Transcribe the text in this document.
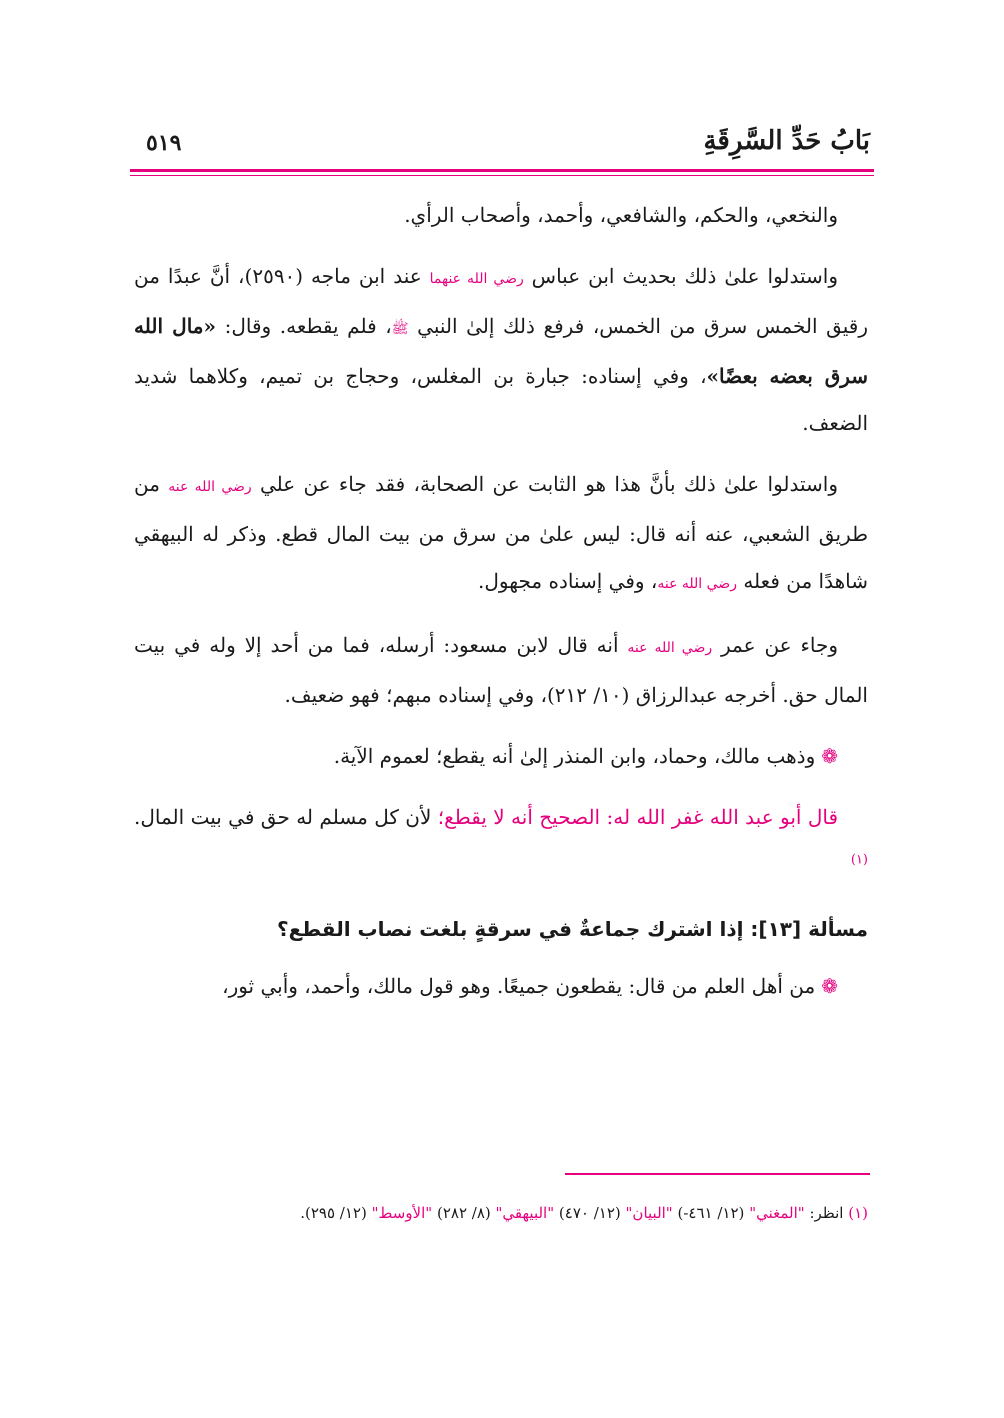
بَابُ حَدِّ السَّرِقَةِ
٥١٩

والنخعي، والحكم، والشافعي، وأحمد، وأصحاب الرأي.

واستدلوا علىٰ ذلك بحديث ابن عباس رضي الله عنهما عند ابن ماجه (٢٥٩٠)، أنَّ عبدًا من رقيق الخمس سرق من الخمس، فرفع ذلك إلىٰ النبي ﷺ، فلم يقطعه. وقال: «مال الله سرق بعضه بعضًا»، وفي إسناده: جبارة بن المغلس، وحجاج بن تميم، وكلاهما شديد الضعف.

واستدلوا علىٰ ذلك بأنَّ هذا هو الثابت عن الصحابة، فقد جاء عن علي رضي الله عنه من طريق الشعبي، عنه أنه قال: ليس علىٰ من سرق من بيت المال قطع. وذكر له البيهقي شاهدًا من فعله رضي الله عنه، وفي إسناده مجهول.

وجاء عن عمر رضي الله عنه أنه قال لابن مسعود: أرسله، فما من أحد إلا وله في بيت المال حق. أخرجه عبدالرزاق (١٠/ ٢١٢)، وفي إسناده مبهم؛ فهو ضعيف.

❁وذهب مالك، وحماد، وابن المنذر إلىٰ أنه يقطع؛ لعموم الآية.

قال أبو عبد الله غفر الله له: الصحيح أنه لا يقطع؛ لأن كل مسلم له حق في بيت المال.$^{(١)}$

مسألة [١٣]: إذا اشترك جماعةٌ في سرقةٍ بلغت نصاب القطع؟

❁من أهل العلم من قال: يقطعون جميعًا. وهو قول مالك، وأحمد، وأبي ثور،

(١) انظر: "المغني" (١٢/ ٤٦١-) "البيان" (١٢/ ٤٧٠) "البيهقي" (٨/ ٢٨٢) "الأوسط" (١٢/ ٢٩٥).
